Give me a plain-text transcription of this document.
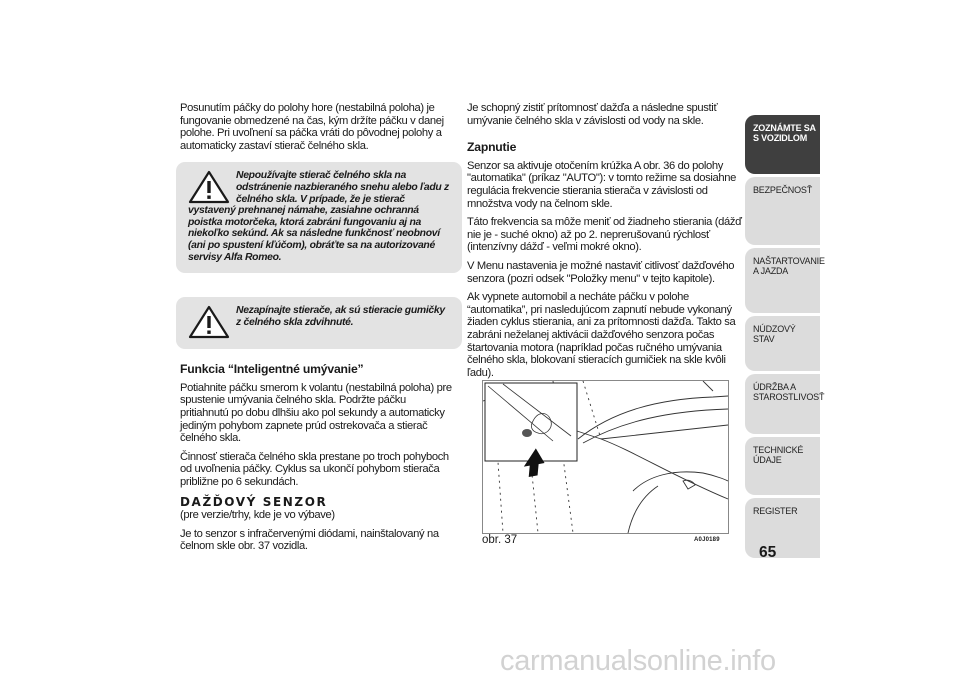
Posunutím páčky do polohy hore (nestabilná poloha) je fungovanie obmedzené na čas, kým držíte páčku v danej polohe. Pri uvoľnení sa páčka vráti do pôvodnej polohy a automaticky zastaví stierač čelného skla.

Nepoužívajte stierač čelného skla na odstránenie nazbieraného snehu alebo ľadu z čelného skla. V prípade, že je stierač vystavený prehnanej námahe, zasiahne ochranná poistka motorčeka, ktorá zabráni fungovaniu aj na niekoľko sekúnd. Ak sa následne funkčnosť neobnoví (ani po spustení kľúčom), obráťte sa na autorizované servisy Alfa Romeo.
Nezapínajte stierače, ak sú stieracie gumičky z čelného skla zdvihnuté.
Funkcia “Inteligentné umývanie”

Potiahnite páčku smerom k volantu (nestabilná poloha) pre spustenie umývania čelného skla. Podržte páčku pritiahnutú po dobu dlhšiu ako pol sekundy a automaticky jediným pohybom zapnete prúd ostrekovača a stierač čelného skla.

Činnosť stierača čelného skla prestane po troch pohyboch od uvoľnenia páčky. Cyklus sa ukončí pohybom stierača približne po 6 sekundách.

DAŽĎOVÝ SENZOR

(pre verzie/trhy, kde je vo výbave)

Je to senzor s infračervenými diódami, nainštalovaný na čelnom skle obr. 37 vozidla.

Je schopný zistiť prítomnosť dažďa a následne spustiť umývanie čelného skla v závislosti od vody na skle.

Zapnutie

Senzor sa aktivuje otočením krúžka A obr. 36 do polohy "automatika" (príkaz "AUTO"): v tomto režime sa dosiahne regulácia frekvencie stierania stierača v závislosti od množstva vody na čelnom skle.

Táto frekvencia sa môže meniť od žiadneho stierania (dážď nie je - suché okno) až po 2. neprerušovanú rýchlosť (intenzívny dážď - veľmi mokré okno).

V Menu nastavenia je možné nastaviť citlivosť dažďového senzora (pozri odsek "Položky menu" v tejto kapitole).

Ak vypnete automobil a necháte páčku v polohe “automatika”, pri nasledujúcom zapnutí nebude vykonaný žiaden cyklus stierania, ani za prítomnosti dažďa. Takto sa zabráni neželanej aktivácii dažďového senzora počas štartovania motora (napríklad počas ručného umývania čelného skla, blokovaní stieracích gumičiek na skle kvôli ľadu).

obr. 37	A0J0189
ZOZNÁMTE SA S VOZIDLOM
BEZPEČNOSŤ
NAŠTARTOVANIE A JAZDA
NÚDZOVÝ STAV
ÚDRŽBA A STAROSTLIVOSŤ
TECHNICKÉ ÚDAJE
REGISTER
65
carmanualsonline.info
